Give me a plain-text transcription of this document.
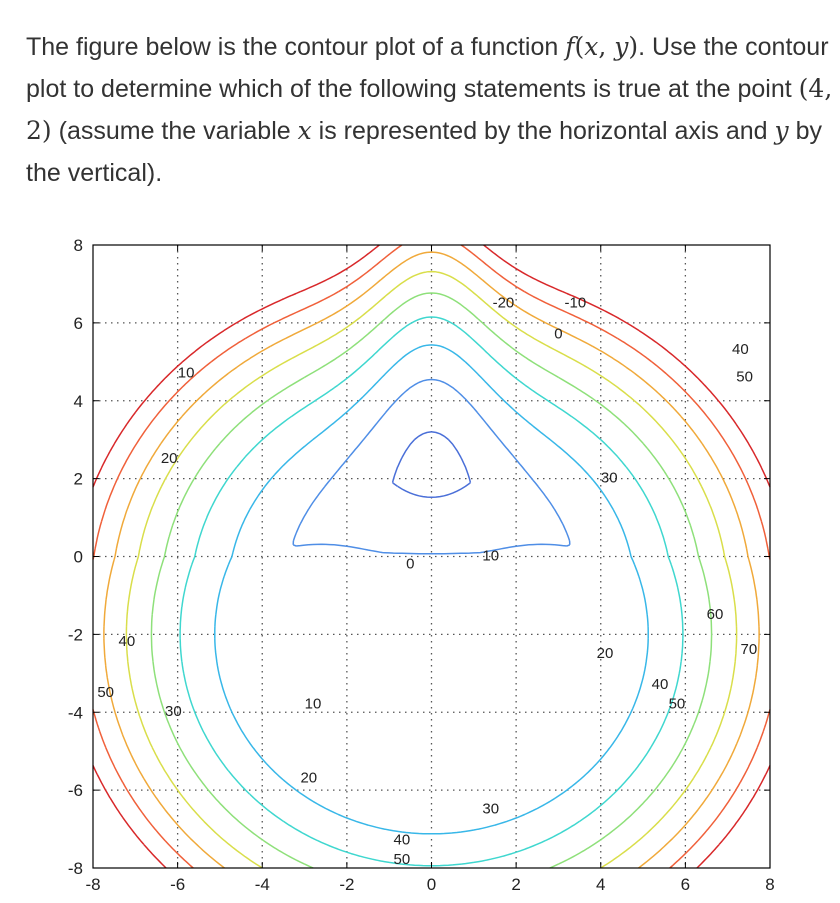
The figure below is the contour plot of a function f(x, y). Use the contour plot to determine which of the following statements is true at the point (4, 2) (assume the variable x is represented by the horizontal axis and y by the vertical).
-20	-10
0
10
20
0	10
30
40
50
30	10
20
20
40
50
60
70
40
50
30
40
50
-8	-6	-4	-2	0	2	4	6	8
8
6
4
2
0
-2
-4
-6
-8
